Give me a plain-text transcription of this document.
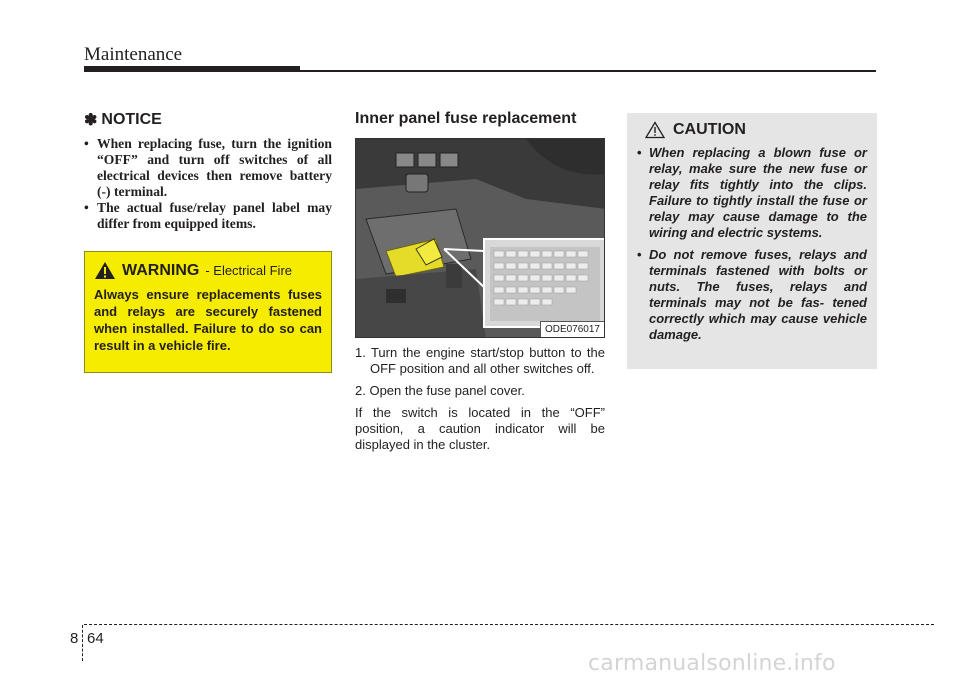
Maintenance
✽ NOTICE
• When replacing fuse, turn the ignition “OFF” and turn off switches of all electrical devices then remove battery (-) terminal.
• The actual fuse/relay panel label may differ from equipped items.
WARNING - Electrical Fire
Always ensure replacements fuses and relays are securely fastened when installed. Failure to do so can result in a vehicle fire.
Inner panel fuse replacement
ODE076017
1. Turn the engine start/stop button to the OFF position and all other switches off.
2. Open the fuse panel cover.
If the switch is located in the “OFF” position, a caution indicator will be displayed in the cluster.
CAUTION
• When replacing a blown fuse or relay, make sure the new fuse or relay fits tightly into the clips. Failure to tightly install the fuse or relay may cause damage to the wiring and electric systems.
• Do not remove fuses, relays and terminals fastened with bolts or nuts. The fuses, relays and terminals may not be fas- tened correctly which may cause vehicle damage.
8 64
carmanualsonline.info
